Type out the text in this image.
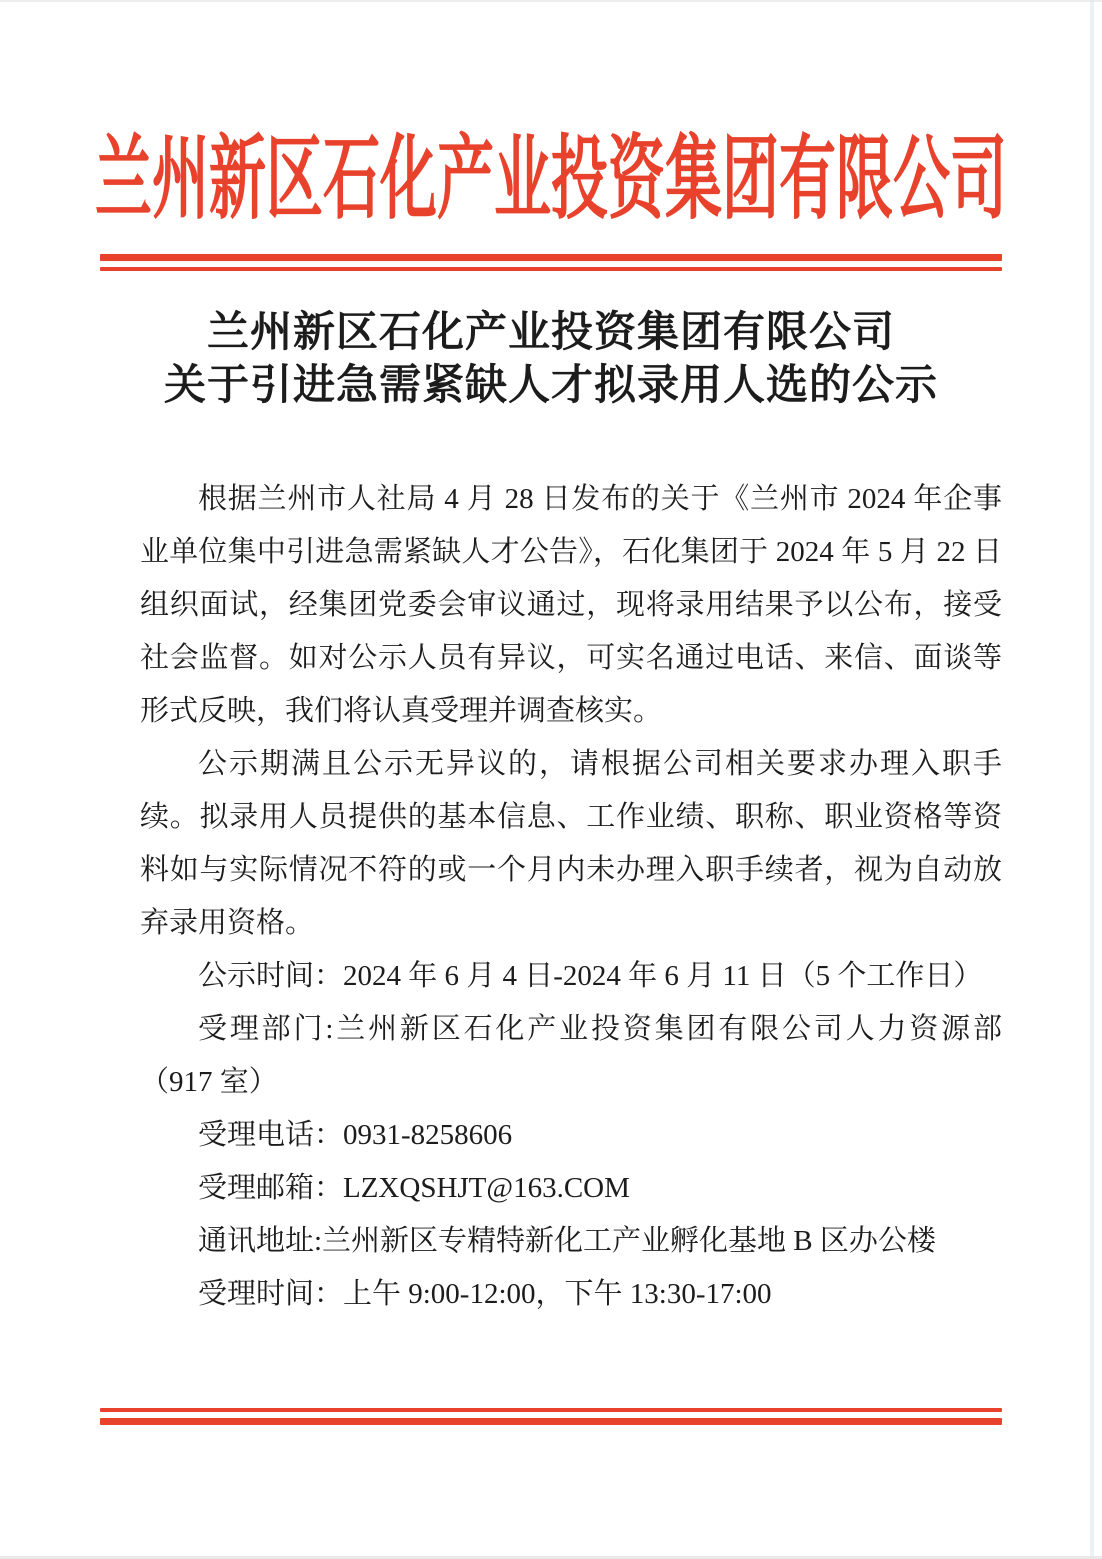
兰州新区石化产业投资集团有限公司
兰州新区石化产业投资集团有限公司
关于引进急需紧缺人才拟录用人选的公示

根据兰州市人社局 4 月 28 日发布的关于《兰州市 2024 年企事业单位集中引进急需紧缺人才公告》，石化集团于 2024 年 5 月 22 日组织面试，经集团党委会审议通过，现将录用结果予以公布，接受社会监督。如对公示人员有异议，可实名通过电话、来信、面谈等形式反映，我们将认真受理并调查核实。

公示期满且公示无异议的，请根据公司相关要求办理入职手续。拟录用人员提供的基本信息、工作业绩、职称、职业资格等资料如与实际情况不符的或一个月内未办理入职手续者，视为自动放弃录用资格。

公示时间：2024 年 6 月 4 日-2024 年 6 月 11 日（5 个工作日）

受理部门:兰州新区石化产业投资集团有限公司人力资源部（917 室）

受理电话：0931-8258606

受理邮箱：LZXQSHJT@163.COM

通讯地址:兰州新区专精特新化工产业孵化基地 B 区办公楼

受理时间：上午 9:00-12:00，下午 13:30-17:00
